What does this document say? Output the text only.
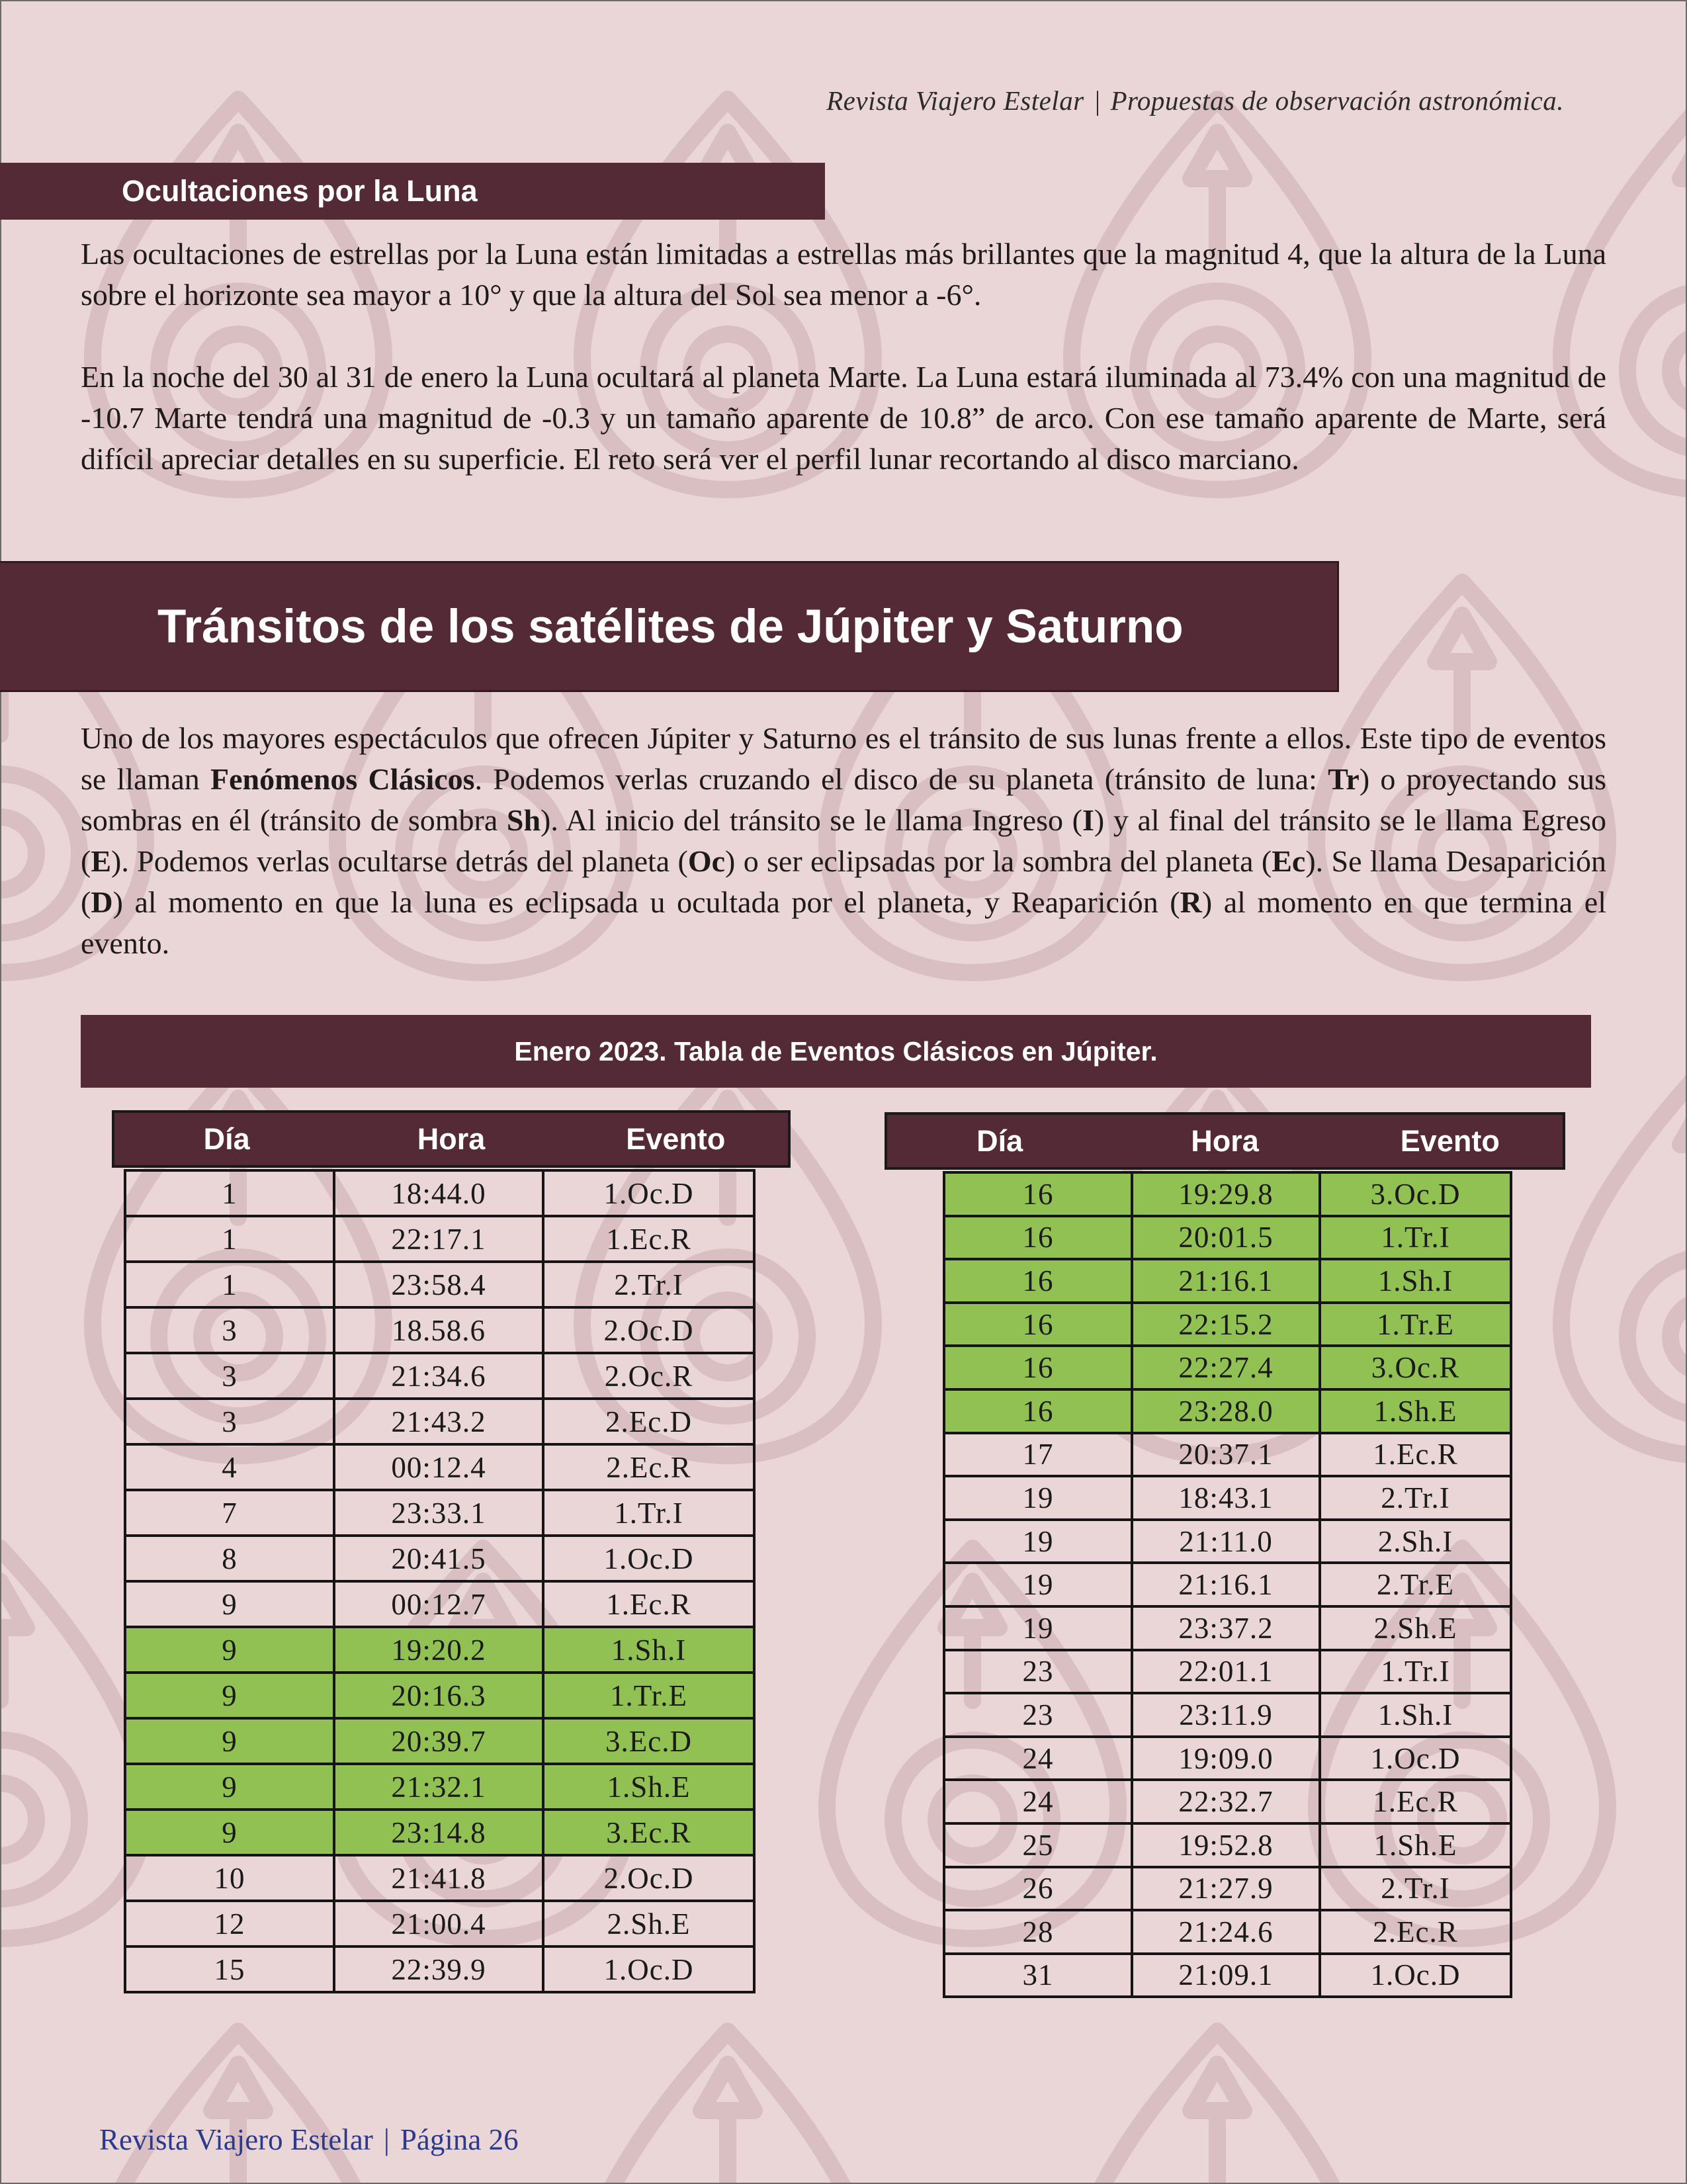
Revista Viajero Estelar | Propuestas de observación astronómica.
Ocultaciones por la Luna

Las ocultaciones de estrellas por la Luna están limitadas a estrellas más brillantes que la magnitud 4, que la altura de la Luna sobre el horizonte sea mayor a 10° y que la altura del Sol sea menor a -6°.

En la noche del 30 al 31 de enero la Luna ocultará al planeta Marte. La Luna estará iluminada al 73.4% con una magnitud de -10.7 Marte tendrá una magnitud de -0.3 y un tamaño aparente de 10.8” de arco. Con ese tamaño aparente de Marte, será difícil apreciar detalles en su superficie. El reto será ver el perfil lunar recortando al disco marciano.

Tránsitos de los satélites de Júpiter y Saturno

Uno de los mayores espectáculos que ofrecen Júpiter y Saturno es el tránsito de sus lunas frente a ellos. Este tipo de eventos se llaman Fenómenos Clásicos. Podemos verlas cruzando el disco de su planeta (tránsito de luna: Tr) o proyectando sus sombras en él (tránsito de sombra Sh). Al inicio del tránsito se le llama Ingreso (I) y al final del tránsito se le llama Egreso (E). Podemos verlas ocultarse detrás del planeta (Oc) o ser eclipsadas por la sombra del planeta (Ec). Se llama Desaparición (D) al momento en que la luna es eclipsada u ocultada por el planeta, y Reaparición (R) al momento en que termina el evento.

Enero 2023. Tabla de Eventos Clásicos en Júpiter.
Día	Hora	Evento	Día	Hora	Evento
1	18:44.0	1.Oc.D
1	22:17.1	1.Ec.R
1	23:58.4	2.Tr.I
3	18.58.6	2.Oc.D
3	21:34.6	2.Oc.R
3	21:43.2	2.Ec.D
4	00:12.4	2.Ec.R
7	23:33.1	1.Tr.I
8	20:41.5	1.Oc.D
9	00:12.7	1.Ec.R
9	19:20.2	1.Sh.I
9	20:16.3	1.Tr.E
9	20:39.7	3.Ec.D
9	21:32.1	1.Sh.E
9	23:14.8	3.Ec.R
10	21:41.8	2.Oc.D
12	21:00.4	2.Sh.E
15	22:39.9	1.Oc.D
16	19:29.8	3.Oc.D
16	20:01.5	1.Tr.I
16	21:16.1	1.Sh.I
16	22:15.2	1.Tr.E
16	22:27.4	3.Oc.R
16	23:28.0	1.Sh.E
17	20:37.1	1.Ec.R
19	18:43.1	2.Tr.I
19	21:11.0	2.Sh.I
19	21:16.1	2.Tr.E
19	23:37.2	2.Sh.E
23	22:01.1	1.Tr.I
23	23:11.9	1.Sh.I
24	19:09.0	1.Oc.D
24	22:32.7	1.Ec.R
25	19:52.8	1.Sh.E
26	21:27.9	2.Tr.I
28	21:24.6	2.Ec.R
31	21:09.1	1.Oc.D
Revista Viajero Estelar | Página 26
